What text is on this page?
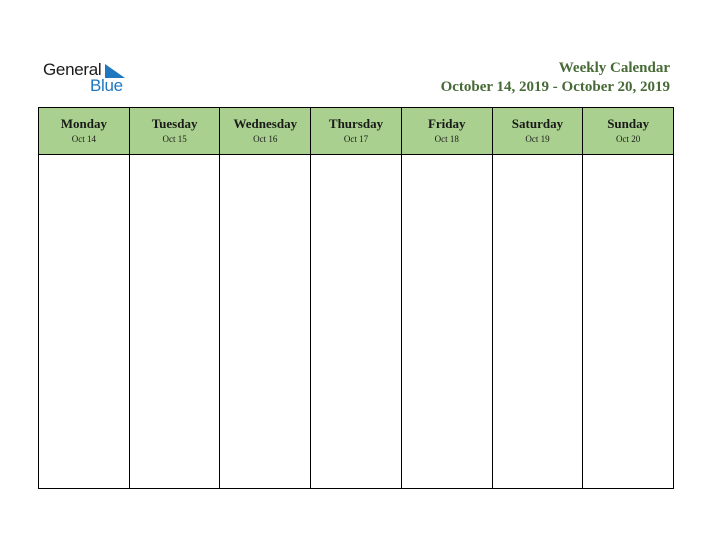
General
Blue
Weekly Calendar
October 14, 2019 - October 20, 2019
Monday
Oct 14
Tuesday
Oct 15
Wednesday
Oct 16
Thursday
Oct 17
Friday
Oct 18
Saturday
Oct 19
Sunday
Oct 20
